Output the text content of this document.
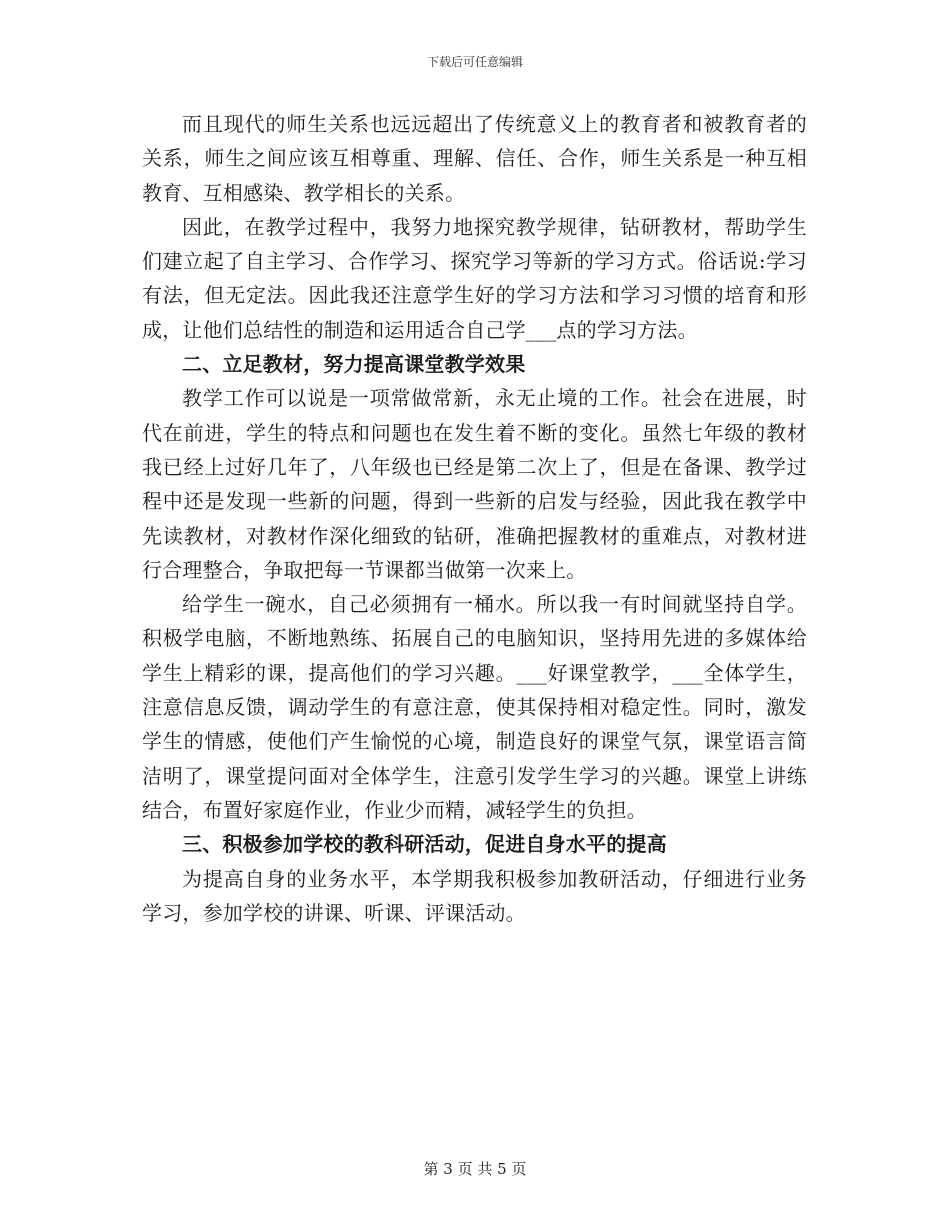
下载后可任意编辑

而且现代的师生关系也远远超出了传统意义上的教育者和被教育者的关系，师生之间应该互相尊重、理解、信任、合作，师生关系是一种互相教育、互相感染、教学相长的关系。

因此，在教学过程中，我努力地探究教学规律，钻研教材，帮助学生们建立起了自主学习、合作学习、探究学习等新的学习方式。俗话说:学习有法，但无定法。因此我还注意学生好的学习方法和学习习惯的培育和形成，让他们总结性的制造和运用适合自己学___点的学习方法。

二、立足教材，努力提高课堂教学效果

教学工作可以说是一项常做常新，永无止境的工作。社会在进展，时代在前进，学生的特点和问题也在发生着不断的变化。虽然七年级的教材我已经上过好几年了，八年级也已经是第二次上了，但是在备课、教学过程中还是发现一些新的问题，得到一些新的启发与经验，因此我在教学中先读教材，对教材作深化细致的钻研，准确把握教材的重难点，对教材进行合理整合，争取把每一节课都当做第一次来上。

给学生一碗水，自己必须拥有一桶水。所以我一有时间就坚持自学。积极学电脑，不断地熟练、拓展自己的电脑知识，坚持用先进的多媒体给学生上精彩的课，提高他们的学习兴趣。___好课堂教学，___全体学生，注意信息反馈，调动学生的有意注意，使其保持相对稳定性。同时，激发学生的情感，使他们产生愉悦的心境，制造良好的课堂气氛，课堂语言简洁明了，课堂提问面对全体学生，注意引发学生学习的兴趣。课堂上讲练结合，布置好家庭作业，作业少而精，减轻学生的负担。

三、积极参加学校的教科研活动，促进自身水平的提高

为提高自身的业务水平，本学期我积极参加教研活动，仔细进行业务学习，参加学校的讲课、听课、评课活动。

第 3 页 共 5 页
